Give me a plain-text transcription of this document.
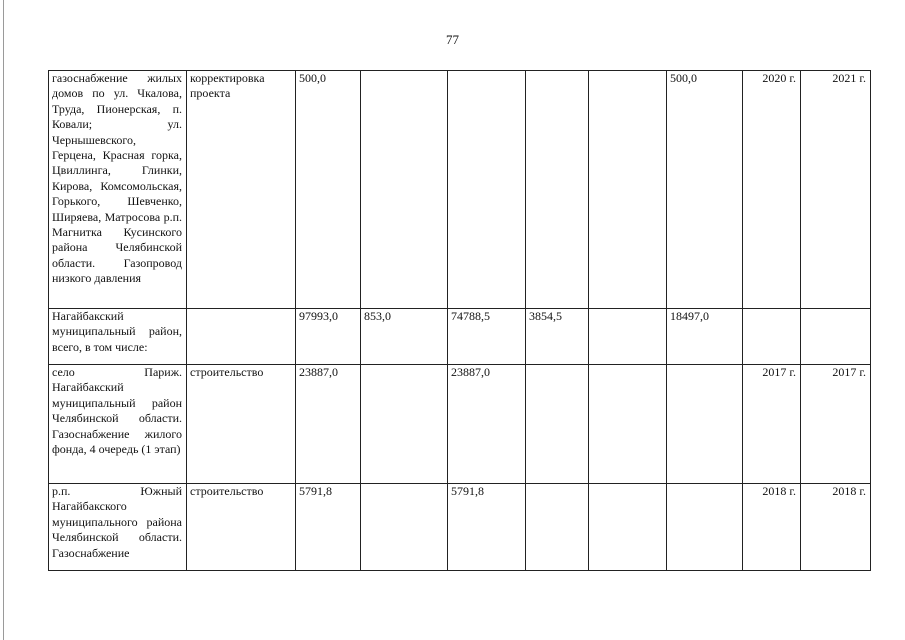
77
газоснабжение жилых домов по ул. Чкалова, Труда, Пионерская, п. Ковали; ул. Чернышевского, Герцена, Красная горка, Цвиллинга, Глинки, Кирова, Комсомольская, Горького, Шевченко, Ширяева, Матросова р.п. Магнитка Кусинского района Челябинской области. Газопровод низкого давления	корректировка проекта	500,0					500,0	2020 г.	2021 г.
Нагайбакский муниципальный район, всего, в том числе:		97993,0	853,0	74788,5	3854,5		18497,0		
село Париж. Нагайбакский муниципальный район Челябинской области. Газоснабжение жилого фонда, 4 очередь (1 этап)	строительство	23887,0		23887,0				2017 г.	2017 г.
р.п. Южный Нагайбакского муниципального района Челябинской области. Газоснабжение	строительство	5791,8		5791,8				2018 г.	2018 г.
